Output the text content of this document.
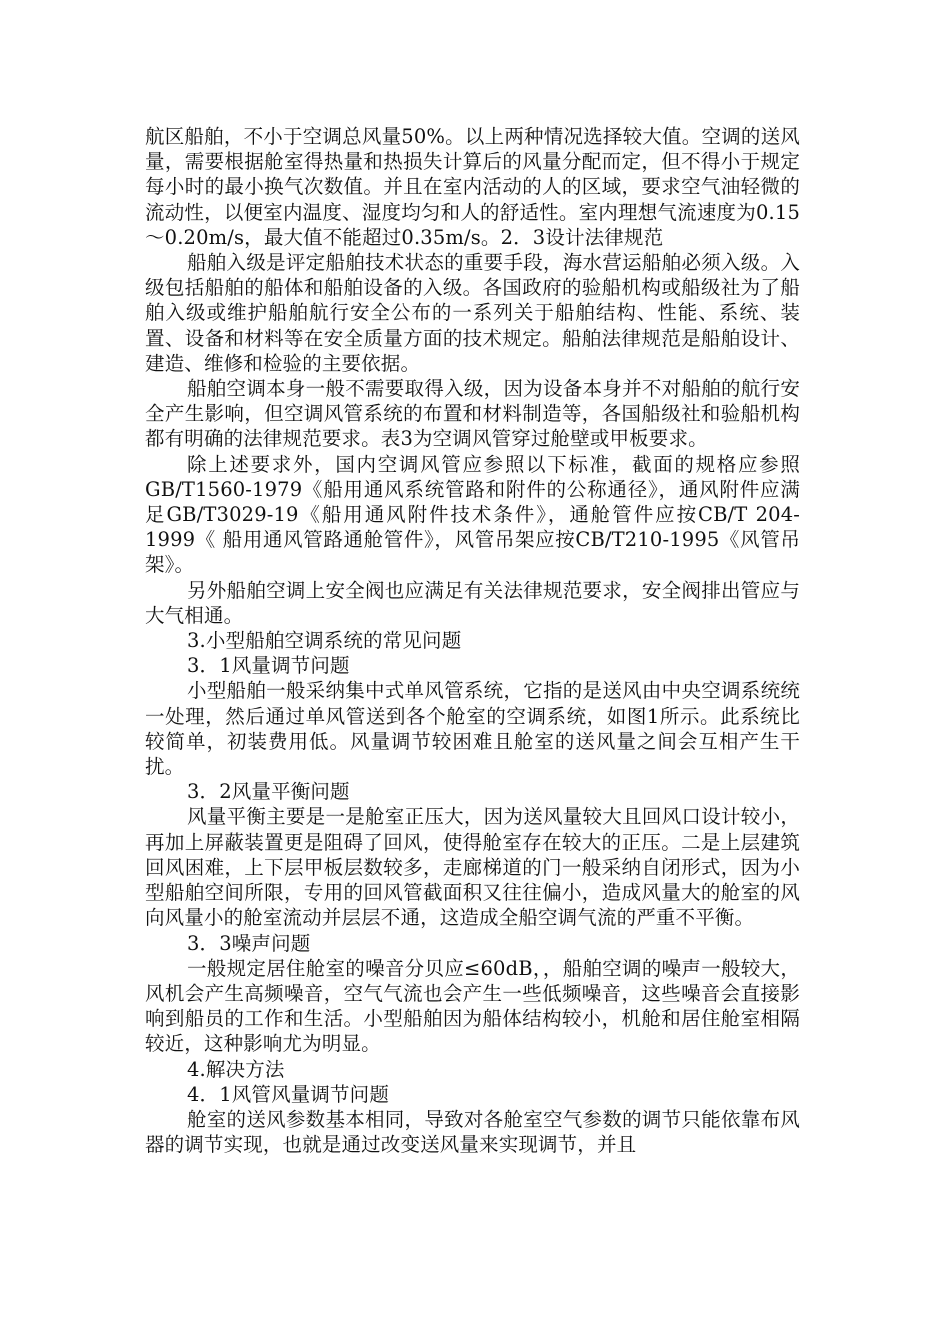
航区船舶，不小于空调总风量50%。以上两种情况选择较大值。空调的送风量，需要根据舱室得热量和热损失计算后的风量分配而定，但不得小于规定每小时的最小换气次数值。并且在室内活动的人的区域，要求空气油轻微的流动性，以便室内温度、湿度均匀和人的舒适性。室内理想气流速度为0.15～0.20m/s，最大值不能超过0.35m/s。2．3设计法律规范

船舶入级是评定船舶技术状态的重要手段，海水营运船舶必须入级。入级包括船舶的船体和船舶设备的入级。各国政府的验船机构或船级社为了船舶入级或维护船舶航行安全公布的一系列关于船舶结构、性能、系统、装置、设备和材料等在安全质量方面的技术规定。船舶法律规范是船舶设计、建造、维修和检验的主要依据。

船舶空调本身一般不需要取得入级，因为设备本身并不对船舶的航行安全产生影响，但空调风管系统的布置和材料制造等，各国船级社和验船机构都有明确的法律规范要求。表3为空调风管穿过舱壁或甲板要求。

除上述要求外，国内空调风管应参照以下标准，截面的规格应参照GB/T1560-1979《船用通风系统管路和附件的公称通径》，通风附件应满足GB/T3029-19《船用通风附件技术条件》，通舱管件应按CB/T 204-1999《 船用通风管路通舱管件》，风管吊架应按CB/T210-1995《风管吊架》。

另外船舶空调上安全阀也应满足有关法律规范要求，安全阀排出管应与大气相通。

3.小型船舶空调系统的常见问题

3．1风量调节问题

小型船舶一般采纳集中式单风管系统，它指的是送风由中央空调系统统一处理，然后通过单风管送到各个舱室的空调系统，如图1所示。此系统比较简单，初装费用低。风量调节较困难且舱室的送风量之间会互相产生干扰。

3．2风量平衡问题

风量平衡主要是一是舱室正压大，因为送风量较大且回风口设计较小，再加上屏蔽装置更是阻碍了回风，使得舱室存在较大的正压。二是上层建筑回风困难，上下层甲板层数较多，走廊梯道的门一般采纳自闭形式，因为小型船舶空间所限，专用的回风管截面积又往往偏小，造成风量大的舱室的风向风量小的舱室流动并层层不通，这造成全船空调气流的严重不平衡。

3．3噪声问题

一般规定居住舱室的噪音分贝应≤60dB，，船舶空调的噪声一般较大，风机会产生高频噪音，空气气流也会产生一些低频噪音，这些噪音会直接影响到船员的工作和生活。小型船舶因为船体结构较小，机舱和居住舱室相隔较近，这种影响尤为明显。

4.解决方法

4．1风管风量调节问题

舱室的送风参数基本相同，导致对各舱室空气参数的调节只能依靠布风器的调节实现，也就是通过改变送风量来实现调节，并且
